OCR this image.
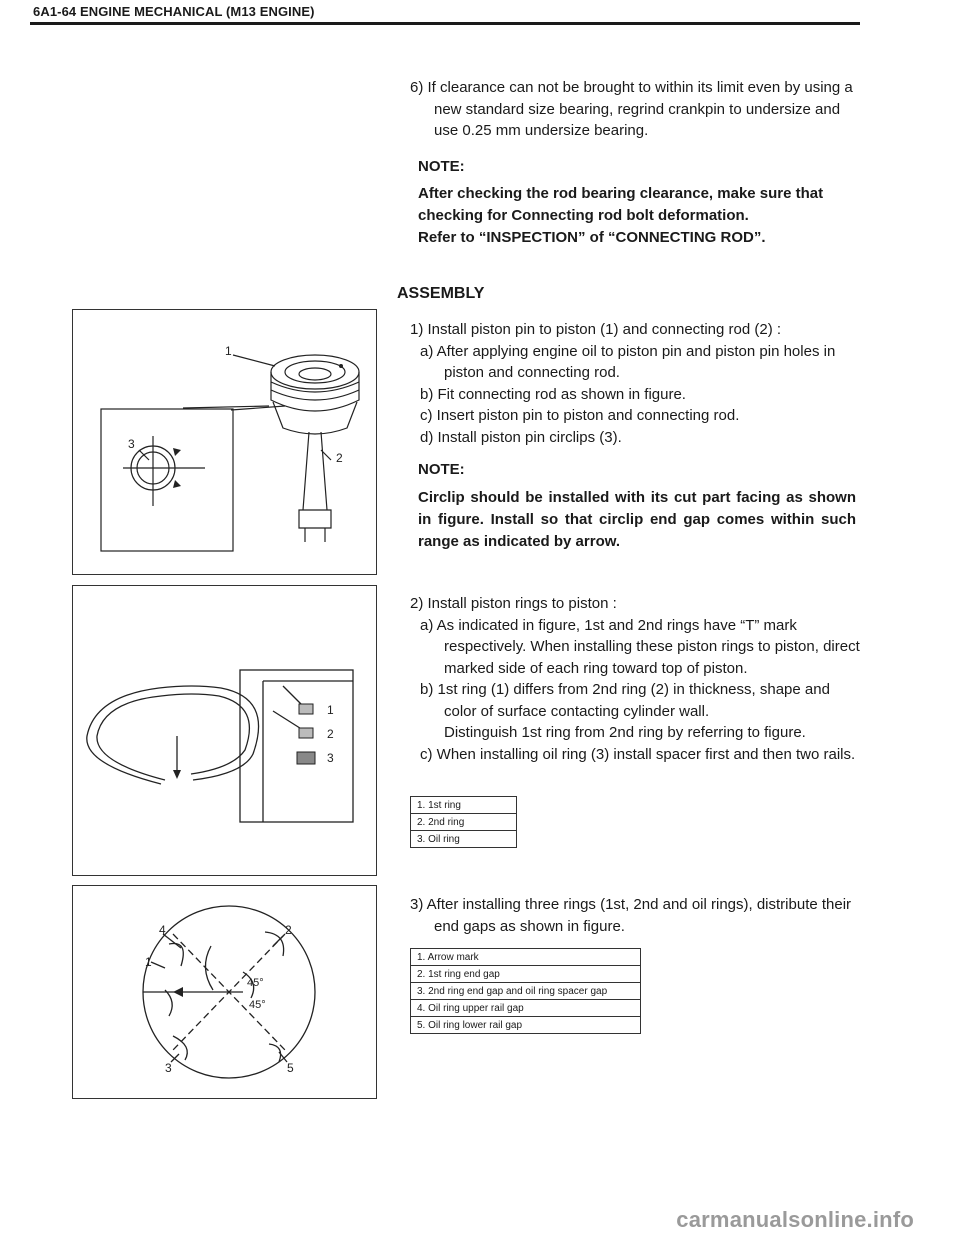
6A1-64 ENGINE MECHANICAL (M13 ENGINE)
6) If clearance can not be brought to within its limit even by using a new standard size bearing, regrind crankpin to undersize and use 0.25 mm undersize bearing.
NOTE:
After checking the rod bearing clearance, make sure that
checking for Connecting rod bolt deformation.
Refer to “INSPECTION” of “CONNECTING ROD”.
ASSEMBLY
1
2
3
1) Install piston pin to piston (1) and connecting rod (2) :
a) After applying engine oil to piston pin and piston pin holes in piston and connecting rod.
b) Fit connecting rod as shown in figure.
c) Insert piston pin to piston and connecting rod.
d) Install piston pin circlips (3).
NOTE:
Circlip should be installed with its cut part facing as shown in figure. Install so that circlip end gap comes within such range as indicated by arrow.
1
2
3
2) Install piston rings to piston :
a) As indicated in figure, 1st and 2nd rings have “T” mark respectively. When installing these piston rings to piston, direct marked side of each ring toward top of piston.
b) 1st ring (1) differs from 2nd ring (2) in thickness, shape and color of surface contacting cylinder wall.
Distinguish 1st ring from 2nd ring by referring to figure.
c) When installing oil ring (3) install spacer first and then two rails.
1. 1st ring
2. 2nd ring
3. Oil ring
4	2
1
3	5
45°
45°
3) After installing three rings (1st, 2nd and oil rings), distribute their end gaps as shown in figure.
1. Arrow mark
2. 1st ring end gap
3. 2nd ring end gap and oil ring spacer gap
4. Oil ring upper rail gap
5. Oil ring lower rail gap
carmanualsonline.info
